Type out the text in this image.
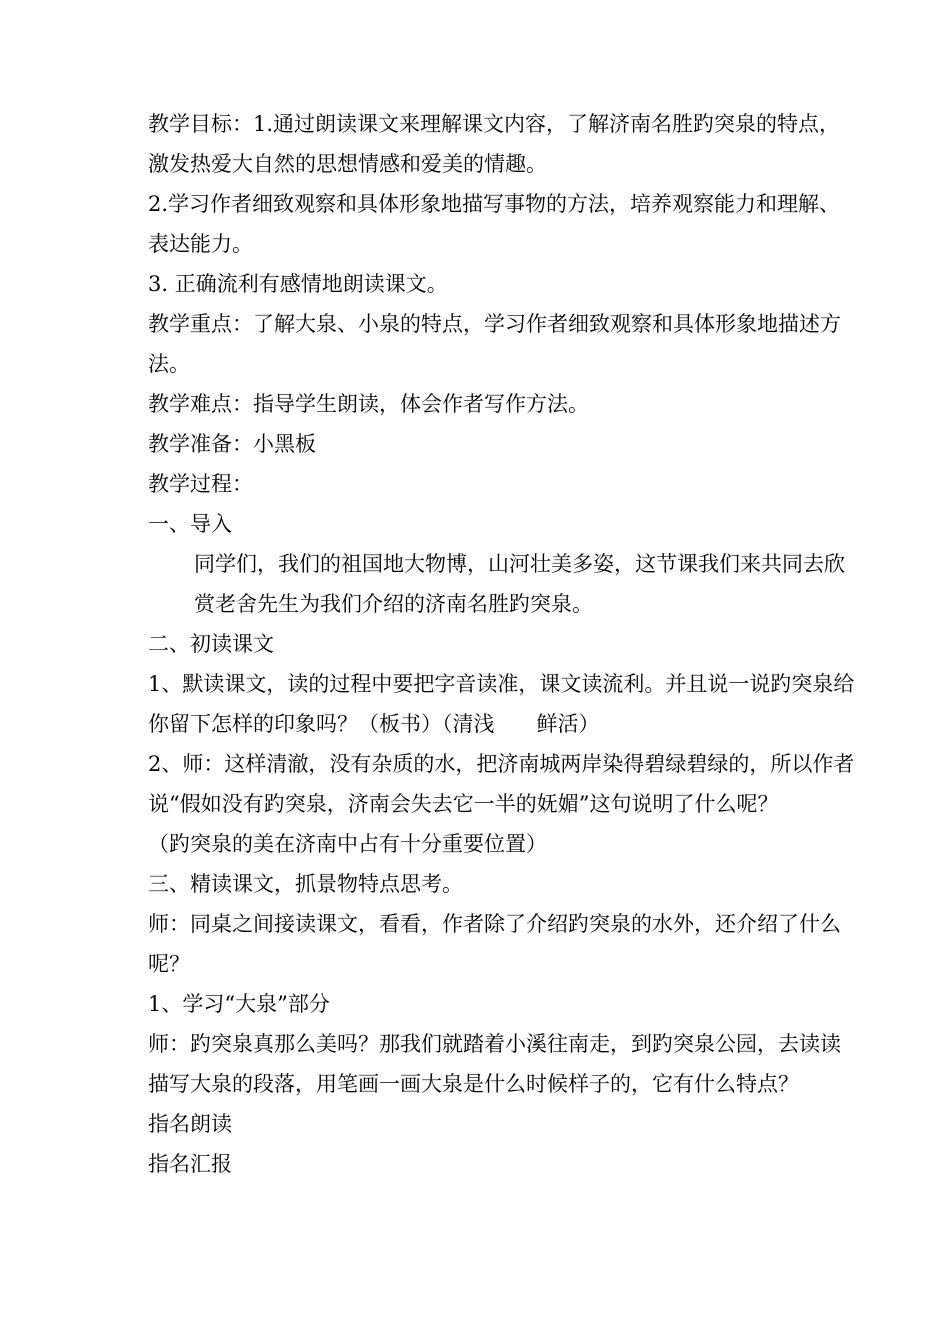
教学目标：1.通过朗读课文来理解课文内容，了解济南名胜趵突泉的特点，
激发热爱大自然的思想情感和爱美的情趣。
2.学习作者细致观察和具体形象地描写事物的方法，培养观察能力和理解、
表达能力。
3. 正确流利有感情地朗读课文。
教学重点：了解大泉、小泉的特点，学习作者细致观察和具体形象地描述方
法。
教学难点：指导学生朗读，体会作者写作方法。
教学准备：小黑板
教学过程：
一、导入
同学们，我们的祖国地大物博，山河壮美多姿，这节课我们来共同去欣
赏老舍先生为我们介绍的济南名胜趵突泉。
二、初读课文
1、默读课文，读的过程中要把字音读准，课文读流利。并且说一说趵突泉给
你留下怎样的印象吗？（板书）（清浅　　鲜活）
2、师：这样清澈，没有杂质的水，把济南城两岸染得碧绿碧绿的，所以作者
说“假如没有趵突泉，济南会失去它一半的妩媚”这句说明了什么呢？
（趵突泉的美在济南中占有十分重要位置）
三、精读课文，抓景物特点思考。
师：同桌之间接读课文，看看，作者除了介绍趵突泉的水外，还介绍了什么
呢？
1、学习“大泉”部分
师：趵突泉真那么美吗？那我们就踏着小溪往南走，到趵突泉公园，去读读
描写大泉的段落，用笔画一画大泉是什么时候样子的，它有什么特点？
指名朗读
指名汇报
